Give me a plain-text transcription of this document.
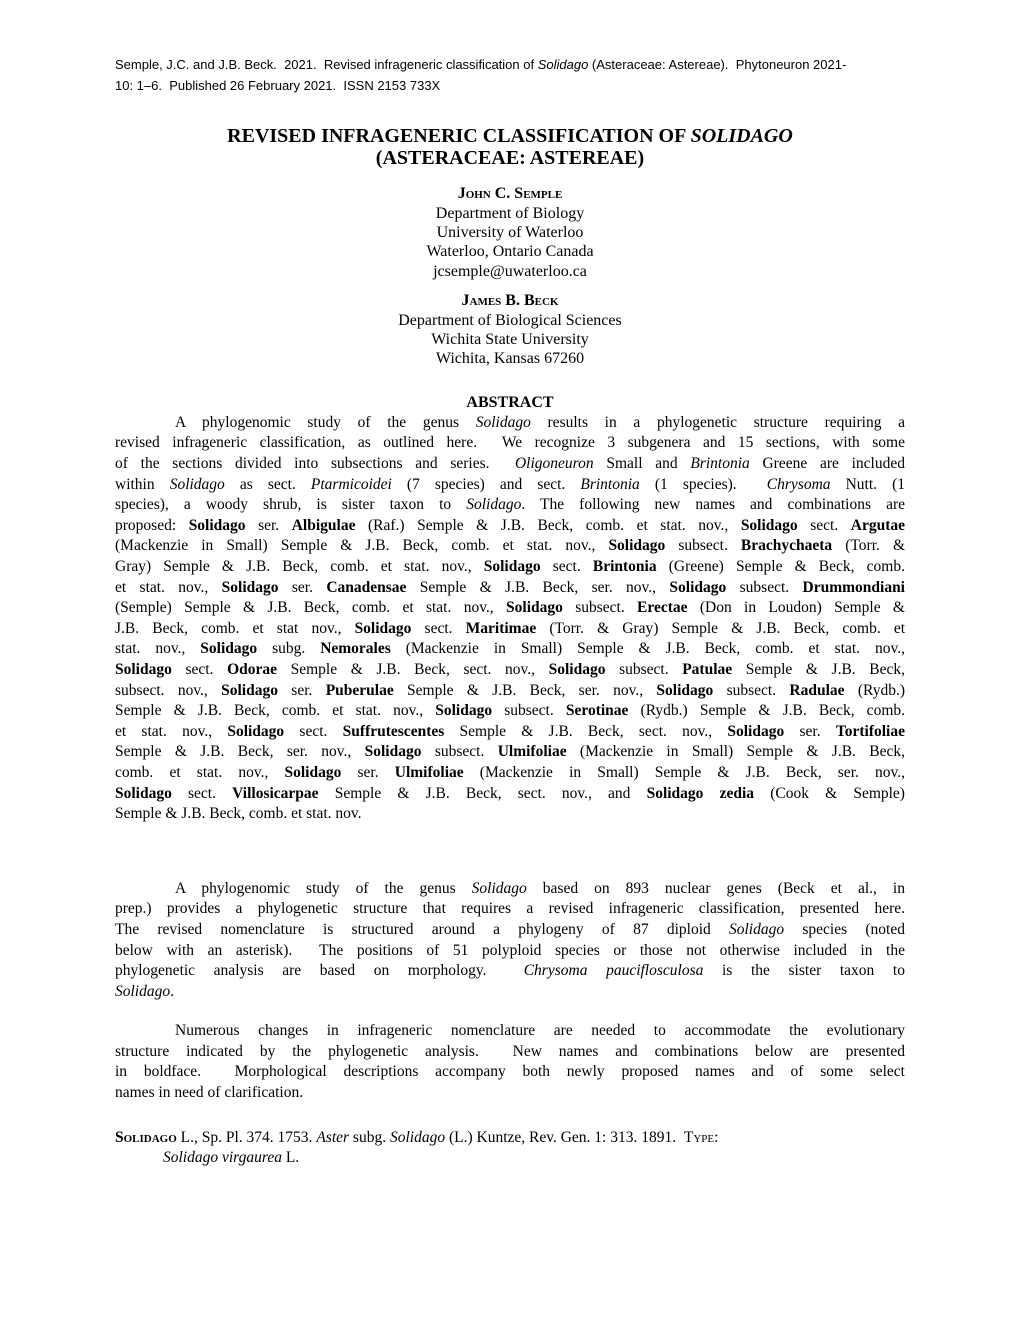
Semple, J.C. and J.B. Beck.  2021.  Revised infrageneric classification of Solidago (Asteraceae: Astereae).  Phytoneuron 2021-
10: 1–6.  Published 26 February 2021.  ISSN 2153 733X
REVISED INFRAGENERIC CLASSIFICATION OF SOLIDAGO
(ASTERACEAE: ASTEREAE)
John C. Semple
Department of Biology
University of Waterloo
Waterloo, Ontario Canada
jcsemple@uwaterloo.ca
James B. Beck
Department of Biological Sciences
Wichita State University
Wichita, Kansas 67260
ABSTRACT
A phylogenomic study of the genus Solidago results in a phylogenetic structure requiring a
revised infrageneric classification, as outlined here.  We recognize 3 subgenera and 15 sections, with some
of the sections divided into subsections and series.  Oligoneuron Small and Brintonia Greene are included
within Solidago as sect. Ptarmicoidei (7 species) and sect. Brintonia (1 species).  Chrysoma Nutt. (1
species), a woody shrub, is sister taxon to Solidago. The following new names and combinations are
proposed: Solidago ser. Albigulae (Raf.) Semple & J.B. Beck, comb. et stat. nov., Solidago sect. Argutae
(Mackenzie in Small) Semple & J.B. Beck, comb. et stat. nov., Solidago subsect. Brachychaeta (Torr. &
Gray) Semple & J.B. Beck, comb. et stat. nov., Solidago sect. Brintonia (Greene) Semple & Beck, comb.
et stat. nov., Solidago ser. Canadensae Semple & J.B. Beck, ser. nov., Solidago subsect. Drummondiani
(Semple) Semple & J.B. Beck, comb. et stat. nov., Solidago subsect. Erectae (Don in Loudon) Semple &
J.B. Beck, comb. et stat nov., Solidago sect. Maritimae (Torr. & Gray) Semple & J.B. Beck, comb. et
stat. nov., Solidago subg. Nemorales (Mackenzie in Small) Semple & J.B. Beck, comb. et stat. nov.,
Solidago sect. Odorae Semple & J.B. Beck, sect. nov., Solidago subsect. Patulae Semple & J.B. Beck,
subsect. nov., Solidago ser. Puberulae Semple & J.B. Beck, ser. nov., Solidago subsect. Radulae (Rydb.)
Semple & J.B. Beck, comb. et stat. nov., Solidago subsect. Serotinae (Rydb.) Semple & J.B. Beck, comb.
et stat. nov., Solidago sect. Suffrutescentes Semple & J.B. Beck, sect. nov., Solidago ser. Tortifoliae
Semple & J.B. Beck, ser. nov., Solidago subsect. Ulmifoliae (Mackenzie in Small) Semple & J.B. Beck,
comb. et stat. nov., Solidago ser. Ulmifoliae (Mackenzie in Small) Semple & J.B. Beck, ser. nov.,
Solidago sect. Villosicarpae Semple & J.B. Beck, sect. nov., and Solidago zedia (Cook & Semple)
Semple & J.B. Beck, comb. et stat. nov.
A phylogenomic study of the genus Solidago based on 893 nuclear genes (Beck et al., in
prep.) provides a phylogenetic structure that requires a revised infrageneric classification, presented here.
The revised nomenclature is structured around a phylogeny of 87 diploid Solidago species (noted
below with an asterisk).  The positions of 51 polyploid species or those not otherwise included in the
phylogenetic analysis are based on morphology.  Chrysoma pauciflosculosa is the sister taxon to
Solidago.
Numerous changes in infrageneric nomenclature are needed to accommodate the evolutionary
structure indicated by the phylogenetic analysis.  New names and combinations below are presented
in boldface.  Morphological descriptions accompany both newly proposed names and of some select
names in need of clarification.
Solidago L., Sp. Pl. 374. 1753. Aster subg. Solidago (L.) Kuntze, Rev. Gen. 1: 313. 1891.  Type:
Solidago virgaurea L.
